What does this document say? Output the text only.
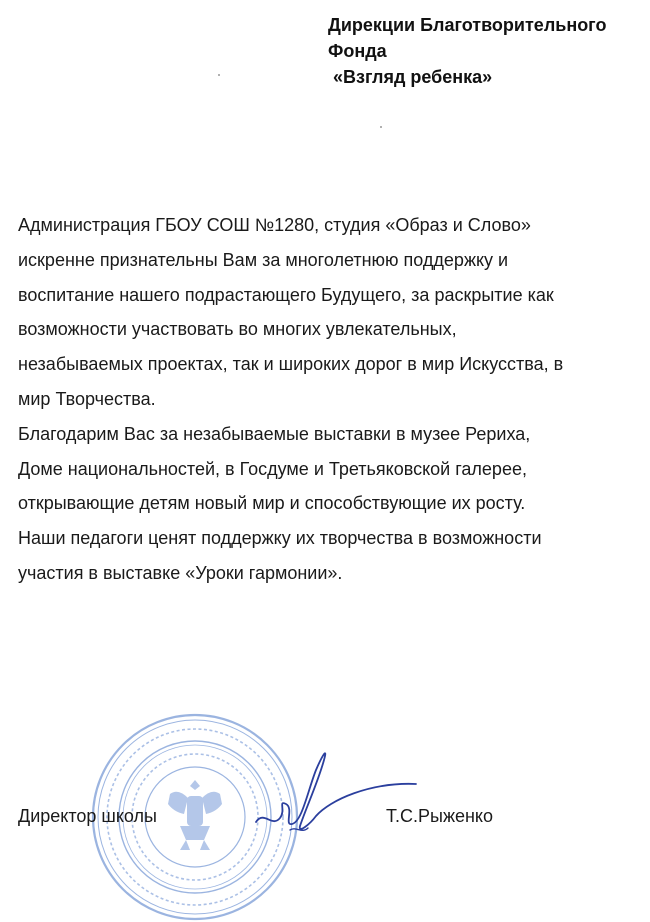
Дирекции Благотворительного
Фонда
«Взгляд ребенка»
Администрация ГБОУ СОШ №1280, студия «Образ и Слово»
искренне признательны Вам за многолетнюю поддержку и
воспитание нашего подрастающего Будущего, за раскрытие как
возможности участвовать во многих увлекательных,
незабываемых проектах, так и широких дорог в мир Искусства, в
мир Творчества.
Благодарим Вас за незабываемые выставки в музее Рериха,
Доме национальностей, в Госдуме и Третьяковской галерее,
открывающие детям новый мир и способствующие их росту.
Наши педагоги ценят поддержку их творчества в возможности
участия в выставке «Уроки гармонии».
Директор школы	Т.С.Рыженко
